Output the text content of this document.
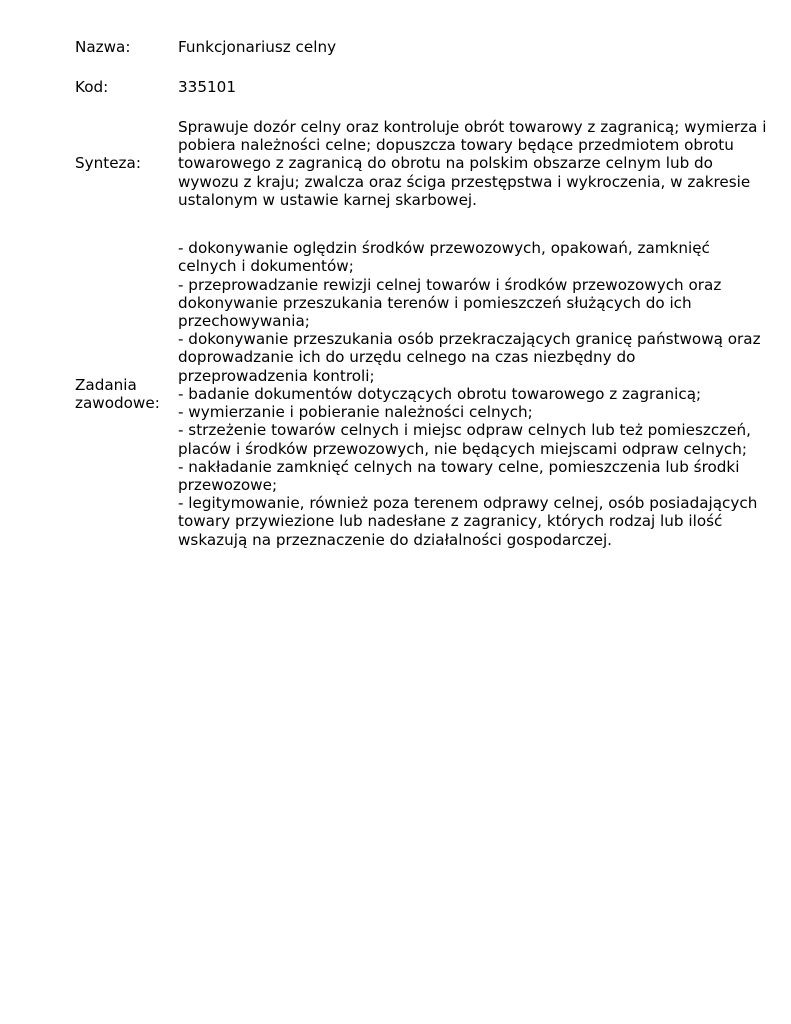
Nazwa:	Funkcjonariusz celny
Kod:	335101
Synteza:

Sprawuje dozór celny oraz kontroluje obrót towarowy z zagranicą; wymierza i pobiera należności celne; dopuszcza towary będące przedmiotem obrotu towarowego z zagranicą do obrotu na polskim obszarze celnym lub do wywozu z kraju; zwalcza oraz ściga przestępstwa i wykroczenia, w zakresie ustalonym w ustawie karnej skarbowej.

Zadania zawodowe:

- dokonywanie oględzin środków przewozowych, opakowań, zamknięć celnych i dokumentów;

- przeprowadzanie rewizji celnej towarów i środków przewozowych oraz dokonywanie przeszukania terenów i pomieszczeń służących do ich przechowywania;

- dokonywanie przeszukania osób przekraczających granicę państwową oraz doprowadzanie ich do urzędu celnego na czas niezbędny do przeprowadzenia kontroli;

- badanie dokumentów dotyczących obrotu towarowego z zagranicą;

- wymierzanie i pobieranie należności celnych;

- strzeżenie towarów celnych i miejsc odpraw celnych lub też pomieszczeń, placów i środków przewozowych, nie będących miejscami odpraw celnych;

- nakładanie zamknięć celnych na towary celne, pomieszczenia lub środki przewozowe;

- legitymowanie, również poza terenem odprawy celnej, osób posiadających towary przywiezione lub nadesłane z zagranicy, których rodzaj lub ilość wskazują na przeznaczenie do działalności gospodarczej.
